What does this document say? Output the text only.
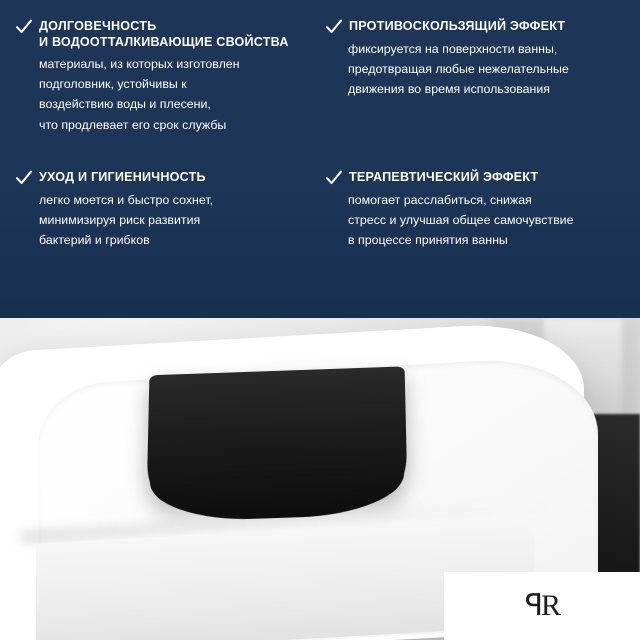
ДОЛГОВЕЧНОСТЬ
И ВОДООТТАЛКИВАЮЩИЕ СВОЙСТВА
материалы, из которых изготовлен
подголовник, устойчивы к
воздействию воды и плесени,
что продлевает его срок службы
ПРОТИВОСКОЛЬЗЯЩИЙ ЭФФЕКТ
фиксируется на поверхности ванны,
предотвращая любые нежелательные
движения во время использования
УХОД И ГИГИЕНИЧНОСТЬ
легко моется и быстро сохнет,
минимизируя риск развития
бактерий и грибков
ТЕРАПЕВТИЧЕСКИЙ ЭФФЕКТ
помогает расслабиться, снижая
стресс и улучшая общее самочувствие
в процессе принятия ванны
ꟼR
